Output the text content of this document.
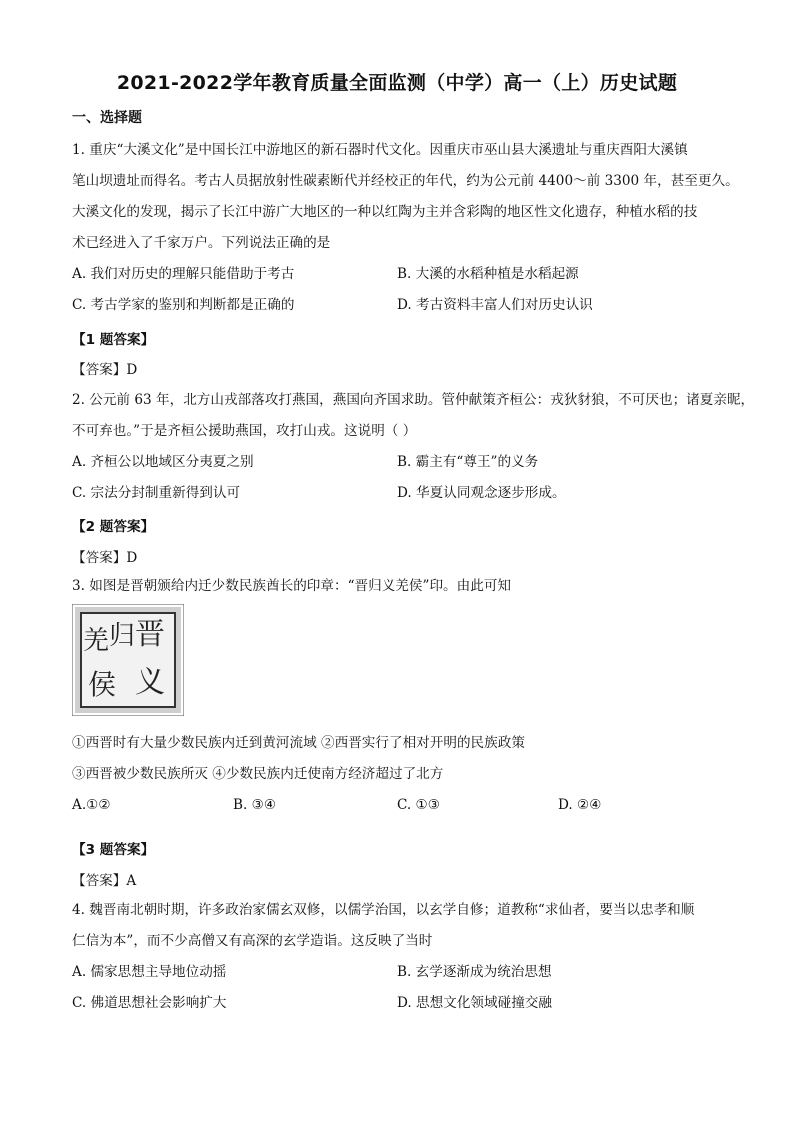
2021-2022学年教育质量全面监测（中学）高一（上）历史试题
一、选择题
1. 重庆“大溪文化”是中国长江中游地区的新石器时代文化。因重庆市巫山县大溪遗址与重庆酉阳大溪镇
笔山坝遗址而得名。考古人员据放射性碳素断代并经校正的年代，约为公元前 4400～前 3300 年，甚至更久。
大溪文化的发现，揭示了长江中游广大地区的一种以红陶为主并含彩陶的地区性文化遗存，种植水稻的技
术已经进入了千家万户。下列说法正确的是
A. 我们对历史的理解只能借助于考古	B. 大溪的水稻种植是水稻起源
C. 考古学家的鉴别和判断都是正确的	D. 考古资料丰富人们对历史认识
【1 题答案】
【答案】D
2. 公元前 63 年，北方山戎部落攻打燕国，燕国向齐国求助。管仲献策齐桓公：戎狄豺狼，不可厌也；诸夏亲昵，
不可弃也。”于是齐桓公援助燕国，攻打山戎。这说明（ ）
A. 齐桓公以地域区分夷夏之别	B. 霸主有“尊王”的义务
C. 宗法分封制重新得到认可	D. 华夏认同观念逐步形成。
【2 题答案】
【答案】D
3. 如图是晋朝颁给内迁少数民族酋长的印章：“晋归义羌侯”印。由此可知
晋
义
归
羌
侯
①西晋时有大量少数民族内迁到黄河流域 ②西晋实行了相对开明的民族政策
③西晋被少数民族所灭 ④少数民族内迁使南方经济超过了北方
A.①②	B. ③④	C. ①③	D. ②④
【3 题答案】
【答案】A
4. 魏晋南北朝时期，许多政治家儒玄双修，以儒学治国，以玄学自修；道教称“求仙者，要当以忠孝和顺
仁信为本”，而不少高僧又有高深的玄学造诣。这反映了当时
A. 儒家思想主导地位动摇	B. 玄学逐渐成为统治思想
C. 佛道思想社会影响扩大	D. 思想文化领域碰撞交融
